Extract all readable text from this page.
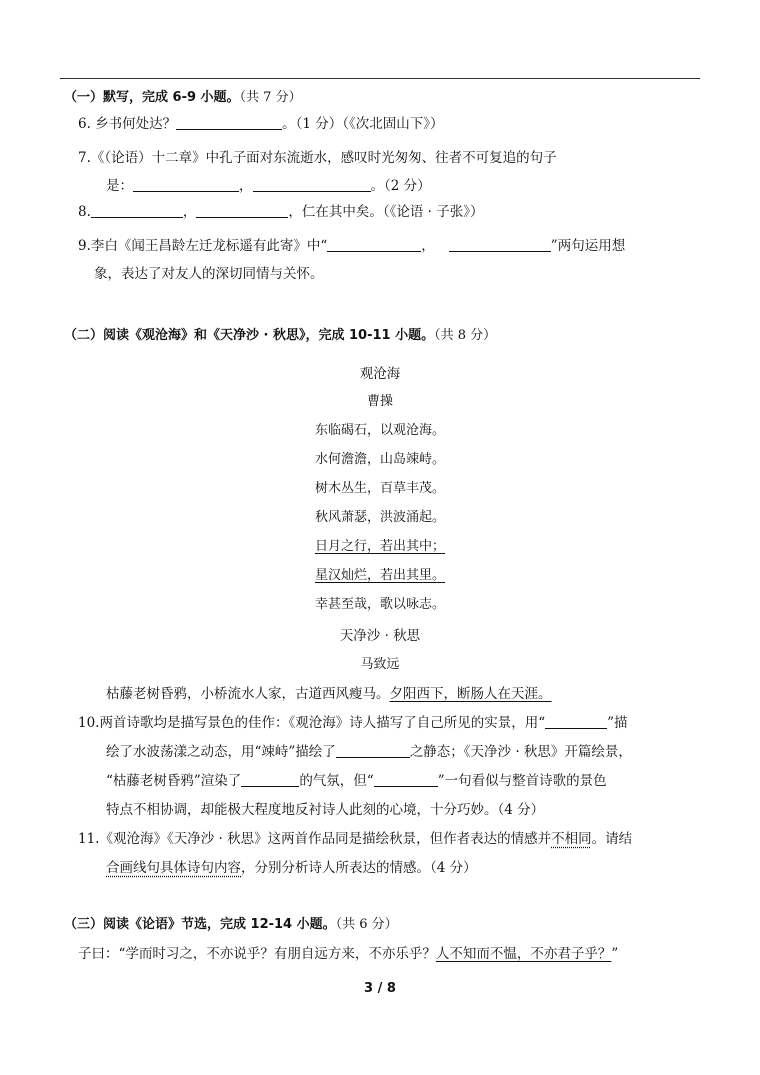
（一）默写，完成 6-9 小题。（共 7 分）
6. 乡书何处达？	。（1 分）（《次北固山下》）
7.《（论语）十二章》中孔子面对东流逝水，感叹时光匆匆、往者不可复追的句子
是：	，	。（2 分）
8.	，	，仁在其中矣。（《论语 · 子张》）
9.李白《闻王昌龄左迁龙标遥有此寄》中“	，	”两句运用想
象，表达了对友人的深切同情与关怀。
（二）阅读《观沧海》和《天净沙 · 秋思》，完成 10-11 小题。（共 8 分）
观沧海
曹操
东临碣石，以观沧海。
水何澹澹，山岛竦峙。
树木丛生，百草丰茂。
秋风萧瑟，洪波涌起。
日月之行，若出其中；
星汉灿烂，若出其里。
幸甚至哉，歌以咏志。
天净沙 · 秋思
马致远
枯藤老树昏鸦，小桥流水人家，古道西风瘦马。夕阳西下，断肠人在天涯。
10.两首诗歌均是描写景色的佳作：《观沧海》诗人描写了自己所见的实景，用“	”描
绘了水波荡漾之动态，用“竦峙”描绘了	之静态；《天净沙 · 秋思》开篇绘景，
“枯藤老树昏鸦”渲染了	的气氛，但“	”一句看似与整首诗歌的景色
特点不相协调，却能极大程度地反衬诗人此刻的心境，十分巧妙。（4 分）
11.《观沧海》《天净沙 · 秋思》这两首作品同是描绘秋景，但作者表达的情感并不相同。请结
合画线句具体诗句内容，分别分析诗人所表达的情感。（4 分）
（三）阅读《论语》节选，完成 12-14 小题。（共 6 分）
子曰：“学而时习之，不亦说乎？有朋自远方来，不亦乐乎？人不知而不愠，不亦君子乎？”
3 / 8
